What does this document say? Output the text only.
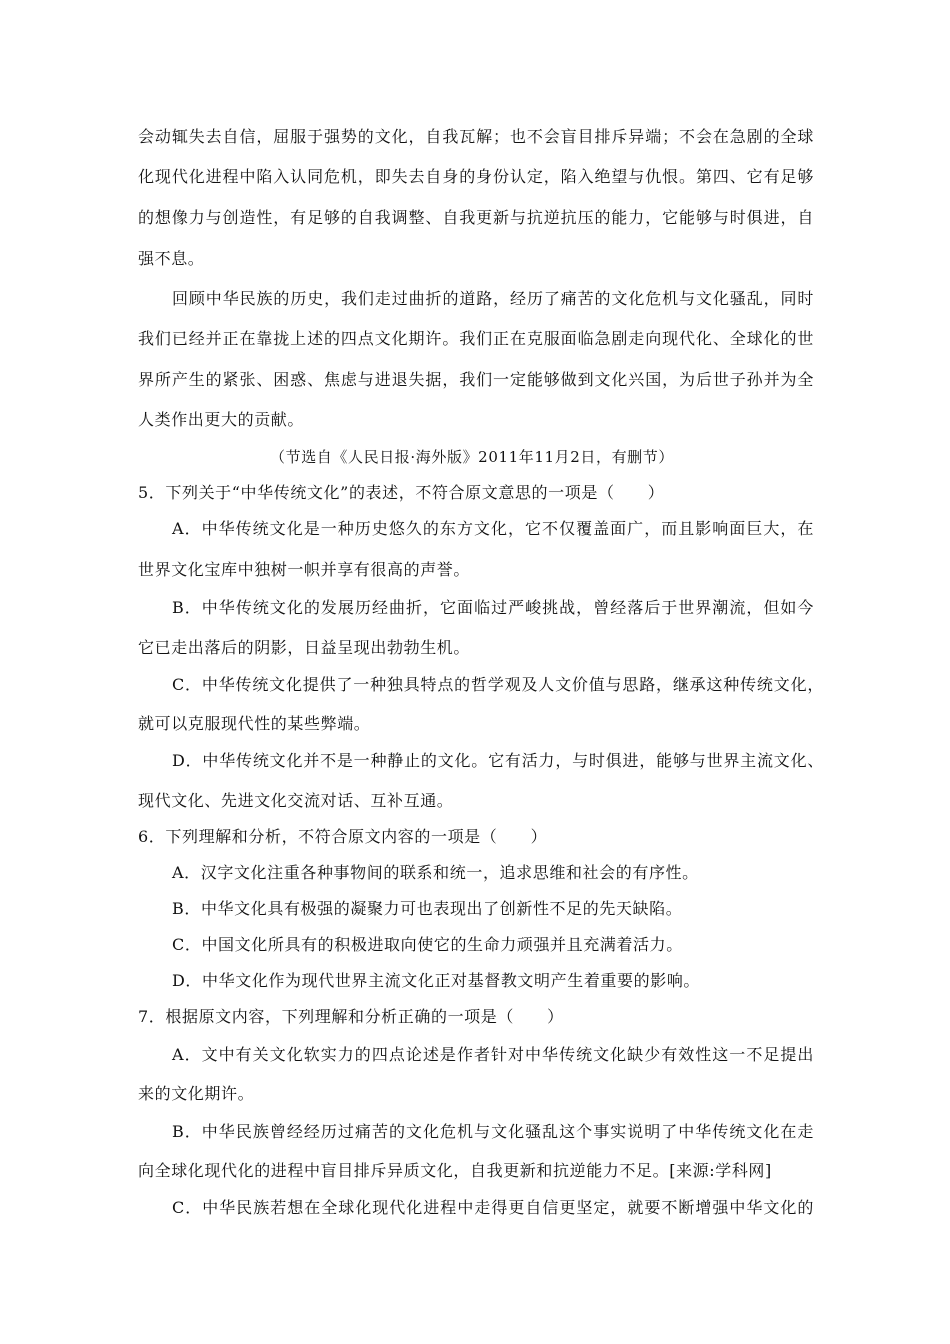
会动辄失去自信，屈服于强势的文化，自我瓦解；也不会盲目排斥异端；不会在急剧的全球
化现代化进程中陷入认同危机，即失去自身的身份认定，陷入绝望与仇恨。第四、它有足够
的想像力与创造性，有足够的自我调整、自我更新与抗逆抗压的能力，它能够与时俱进，自
强不息。
回顾中华民族的历史，我们走过曲折的道路，经历了痛苦的文化危机与文化骚乱，同时
我们已经并正在靠拢上述的四点文化期许。我们正在克服面临急剧走向现代化、全球化的世
界所产生的紧张、困惑、焦虑与进退失据，我们一定能够做到文化兴国，为后世子孙并为全
人类作出更大的贡献。
（节选自《人民日报·海外版》2011年11月2日，有删节）
5．下列关于“中华传统文化”的表述，不符合原文意思的一项是（　　）
A．中华传统文化是一种历史悠久的东方文化，它不仅覆盖面广，而且影响面巨大，在
世界文化宝库中独树一帜并享有很高的声誉。
B．中华传统文化的发展历经曲折，它面临过严峻挑战，曾经落后于世界潮流，但如今
它已走出落后的阴影，日益呈现出勃勃生机。
C．中华传统文化提供了一种独具特点的哲学观及人文价值与思路，继承这种传统文化，
就可以克服现代性的某些弊端。
D．中华传统文化并不是一种静止的文化。它有活力，与时俱进，能够与世界主流文化、
现代文化、先进文化交流对话、互补互通。
6．下列理解和分析，不符合原文内容的一项是（　　）
A．汉字文化注重各种事物间的联系和统一，追求思维和社会的有序性。
B．中华文化具有极强的凝聚力可也表现出了创新性不足的先天缺陷。
C．中国文化所具有的积极进取向使它的生命力顽强并且充满着活力。
D．中华文化作为现代世界主流文化正对基督教文明产生着重要的影响。
7．根据原文内容，下列理解和分析正确的一项是（　　）
A．文中有关文化软实力的四点论述是作者针对中华传统文化缺少有效性这一不足提出
来的文化期许。
B．中华民族曾经经历过痛苦的文化危机与文化骚乱这个事实说明了中华传统文化在走
向全球化现代化的进程中盲目排斥异质文化，自我更新和抗逆能力不足。[来源:学科网]
C．中华民族若想在全球化现代化进程中走得更自信更坚定，就要不断增强中华文化的
